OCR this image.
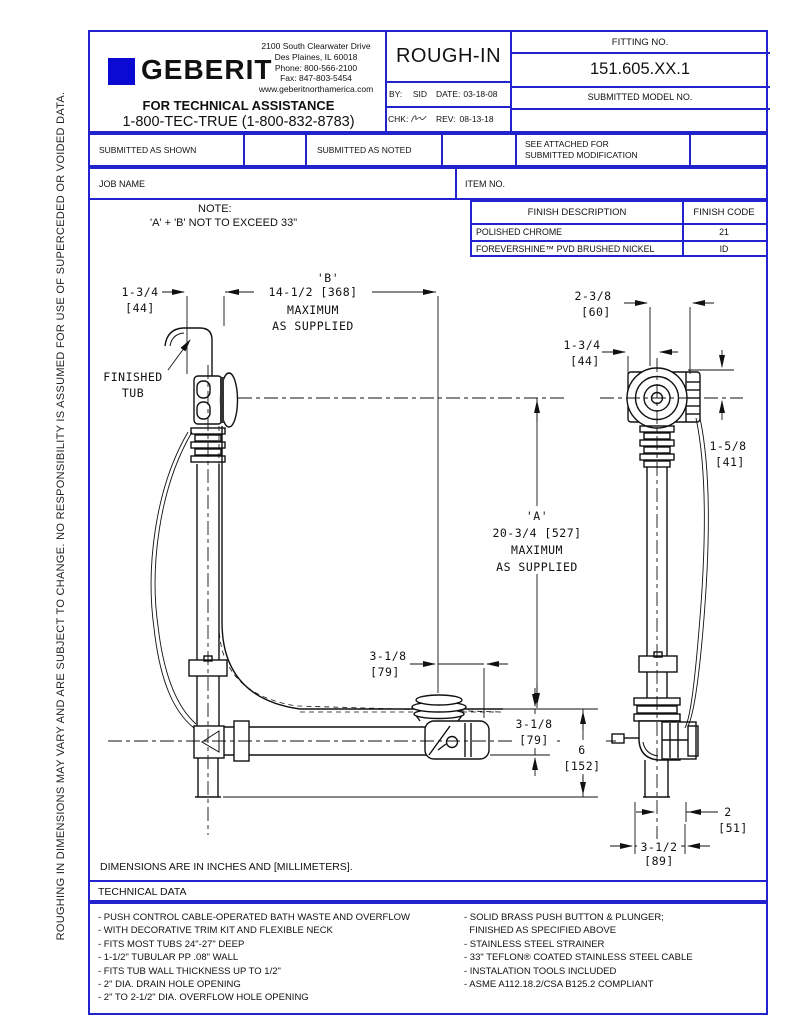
ROUGHING IN DIMENSIONS MAY VARY AND ARE SUBJECT TO CHANGE. NO RESPONSIBILITY IS ASSUMED FOR USE OF SUPERCEDED OR VOIDED DATA.
GEBERIT
2100 South Clearwater Drive
Des Plaines, IL 60018
Phone: 800-566-2100
Fax: 847-803-5454
www.geberitnorthamerica.com
FOR TECHNICAL ASSISTANCE
1-800-TEC-TRUE (1-800-832-8783)
ROUGH-IN
BY: SID DATE: 03-18-08
CHK:	REV: 08-13-18
FITTING NO.
151.605.XX.1
SUBMITTED MODEL NO.
SUBMITTED AS SHOWN	SUBMITTED AS NOTED
SEE ATTACHED FOR
SUBMITTED MODIFICATION
JOB NAME	ITEM NO.
FINISH DESCRIPTION	FINISH CODE
POLISHED CHROME	21
FOREVERSHINE™ PVD BRUSHED NICKEL	ID
NOTE:
'A' + 'B' NOT TO EXCEED 33"
1-3/4
[44]
'B'
14-1/2 [368]
MAXIMUM
AS SUPPLIED
'A'
20-3/4 [527]
MAXIMUM
AS SUPPLIED
3-1/8
[79]
3-1/8
[79]
6
[152]
2-3/8
[60]
1-3/4
[44]
1-5/8
[41]
2
[51]
3-1/2
[89]
FINISHED
TUB
DIMENSIONS ARE IN INCHES AND [MILLIMETERS].
TECHNICAL DATA
- PUSH CONTROL CABLE-OPERATED BATH WASTE AND OVERFLOW
- WITH DECORATIVE TRIM KIT AND FLEXIBLE NECK
- FITS MOST TUBS 24"-27" DEEP
- 1-1/2" TUBULAR PP .08" WALL
- FITS TUB WALL THICKNESS UP TO 1/2"
- 2" DIA. DRAIN HOLE OPENING
- 2" TO 2-1/2" DIA. OVERFLOW HOLE OPENING
- SOLID BRASS PUSH BUTTON & PLUNGER;
FINISHED AS SPECIFIED ABOVE
- STAINLESS STEEL STRAINER
- 33" TEFLON® COATED STAINLESS STEEL CABLE
- INSTALATION TOOLS INCLUDED
- ASME A112.18.2/CSA B125.2 COMPLIANT
